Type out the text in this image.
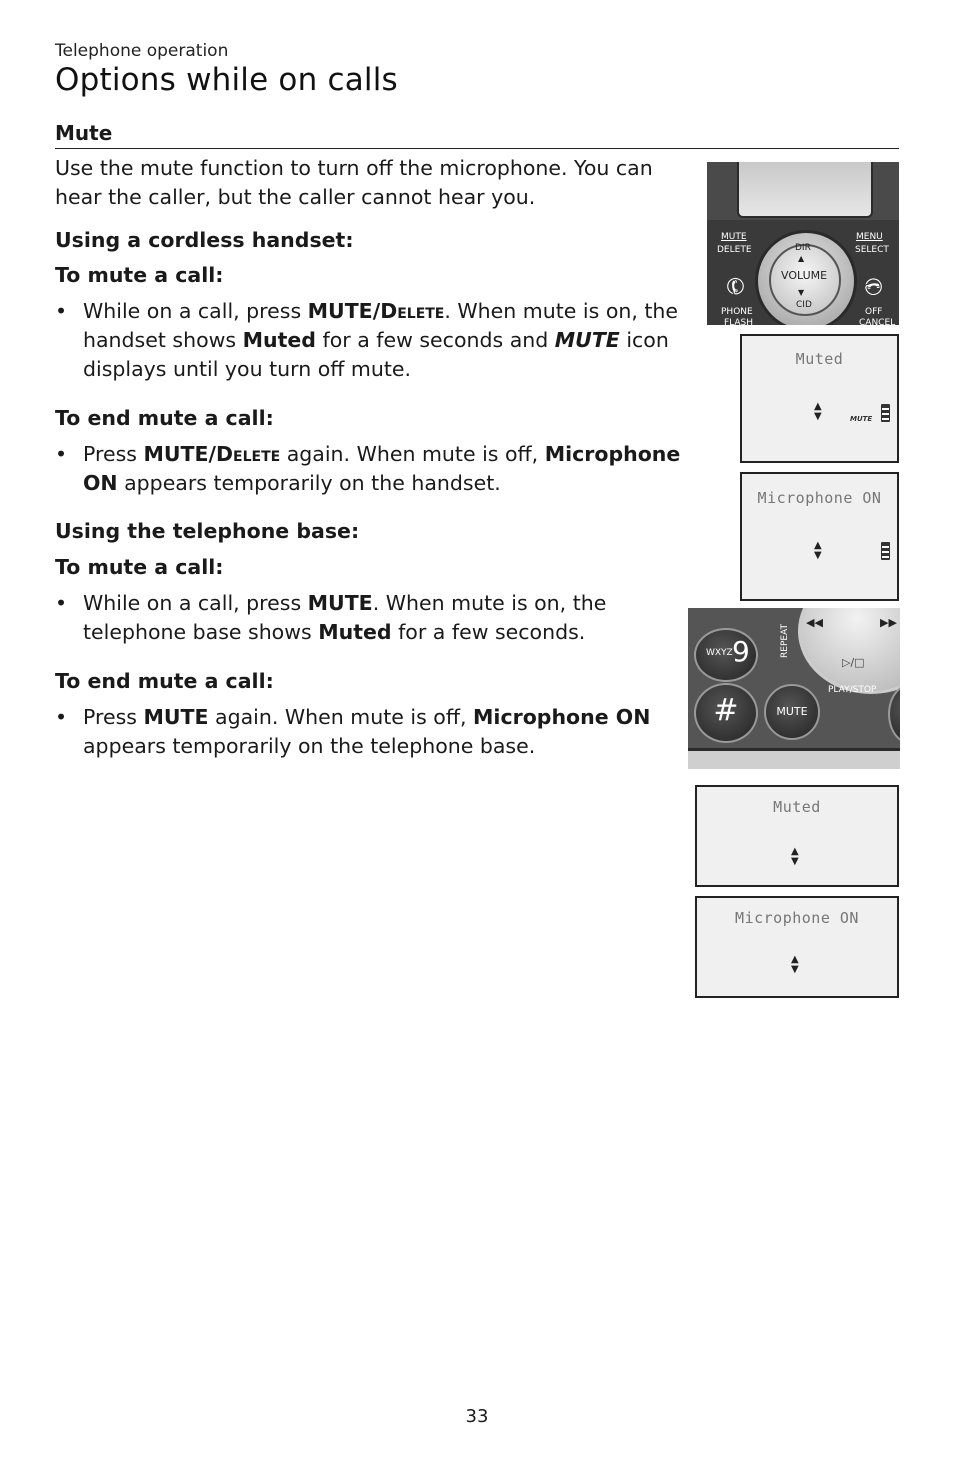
Telephone operation
Options while on calls
Mute
Use the mute function to turn off the microphone. You can hear the caller, but the caller cannot hear you.
Using a cordless handset:
To mute a call:
• While on a call, press MUTE/Delete. When mute is on, the handset shows Muted for a few seconds and MUTE icon displays until you turn off mute.
To end mute a call:
• Press MUTE/Delete again. When mute is off, Microphone ON appears temporarily on the handset.
Using the telephone base:
To mute a call:
• While on a call, press MUTE. When mute is on, the telephone base shows Muted for a few seconds.
To end mute a call:
• Press MUTE again. When mute is off, Microphone ON appears temporarily on the telephone base.
MUTE
DELETE
MENU
SELECT
DIR
▲
VOLUME
▼
CID
✆
PHONE
FLASH
✆
OFF
CANCEL
Muted
▲
▼	MUTE
Microphone ON
▲
▼
REPEAT
◀◀	▶▶
▷/□
PLAY/STOP
WXYZ 9
#	MUTE
Muted
▲
▼
Microphone ON
▲
▼
33
